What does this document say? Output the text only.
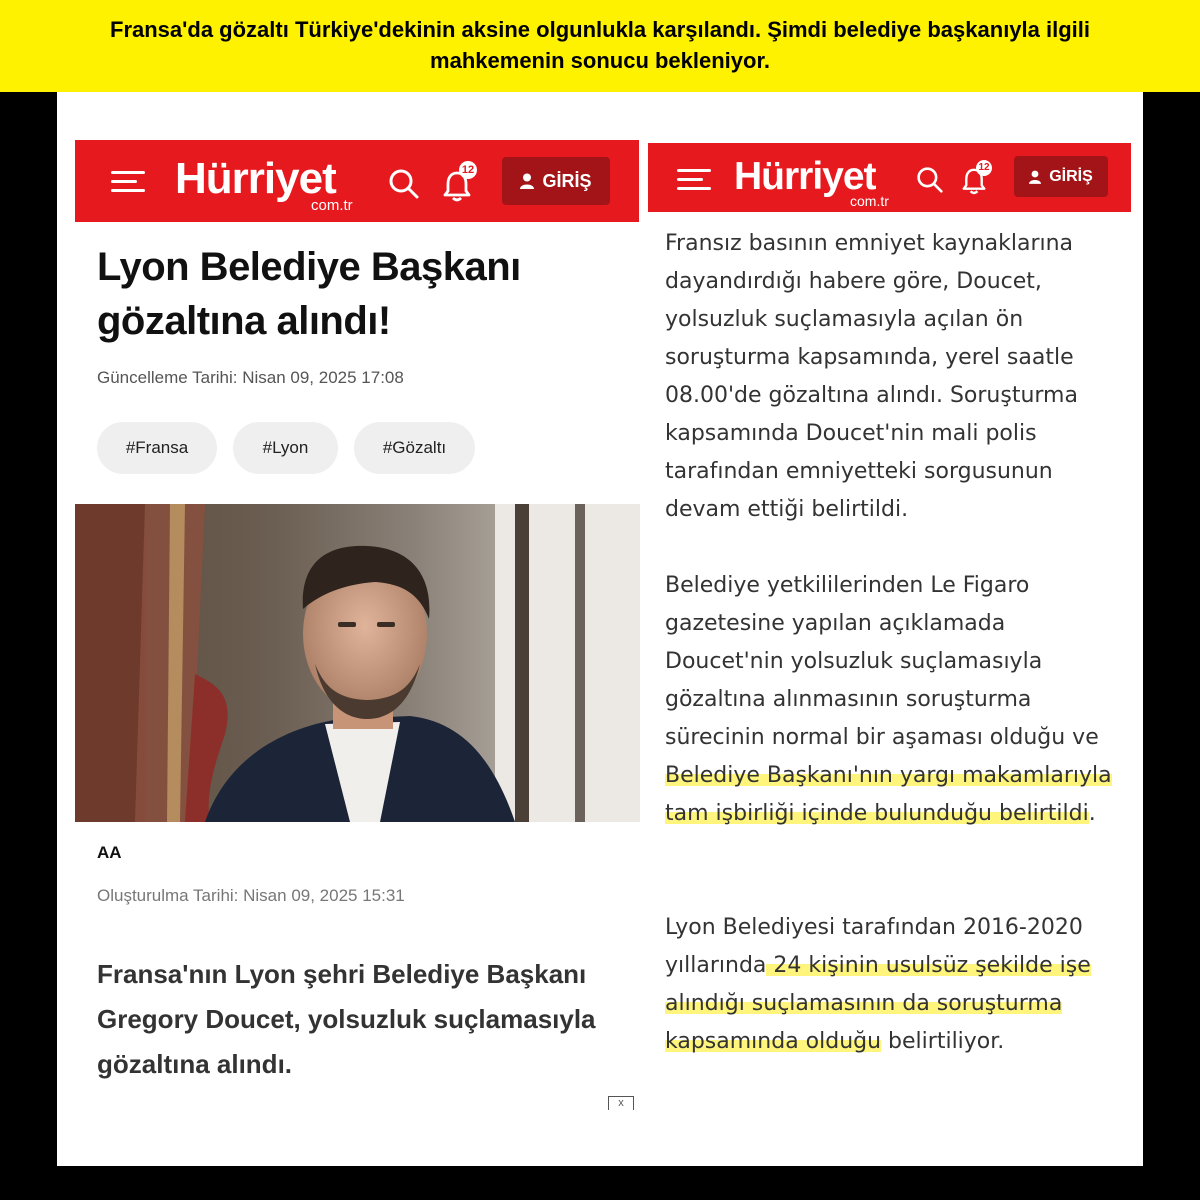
Fransa'da gözaltı Türkiye'dekinin aksine olgunlukla karşılandı. Şimdi belediye başkanıyla ilgili
mahkemenin sonucu bekleniyor.
Hürriyet
com.tr
12
GİRİŞ	Hürriyet
com.tr
12	GİRİŞ
Lyon Belediye Başkanı gözaltına alındı!
Güncelleme Tarihi: Nisan 09, 2025 17:08
#Fransa	#Lyon	#Gözaltı
AA
Oluşturulma Tarihi: Nisan 09, 2025 15:31

Fransa'nın Lyon şehri Belediye Başkanı Gregory Doucet, yolsuzluk suçlamasıyla gözaltına alındı.

x

Fransız basının emniyet kaynaklarına dayandırdığı habere göre, Doucet, yolsuzluk suçlamasıyla açılan ön soruşturma kapsamında, yerel saatle 08.00'de gözaltına alındı. Soruşturma kapsamında Doucet'nin mali polis tarafından emniyetteki sorgusunun devam ettiği belirtildi.

Belediye yetkililerinden Le Figaro gazetesine yapılan açıklamada Doucet'nin yolsuzluk suçlamasıyla gözaltına alınmasının soruşturma sürecinin normal bir aşaması olduğu ve Belediye Başkanı'nın yargı makamlarıyla tam işbirliği içinde bulunduğu belirtildi.

Lyon Belediyesi tarafından 2016-2020 yıllarında 24 kişinin usulsüz şekilde işe alındığı suçlamasının da soruşturma kapsamında olduğu belirtiliyor.
